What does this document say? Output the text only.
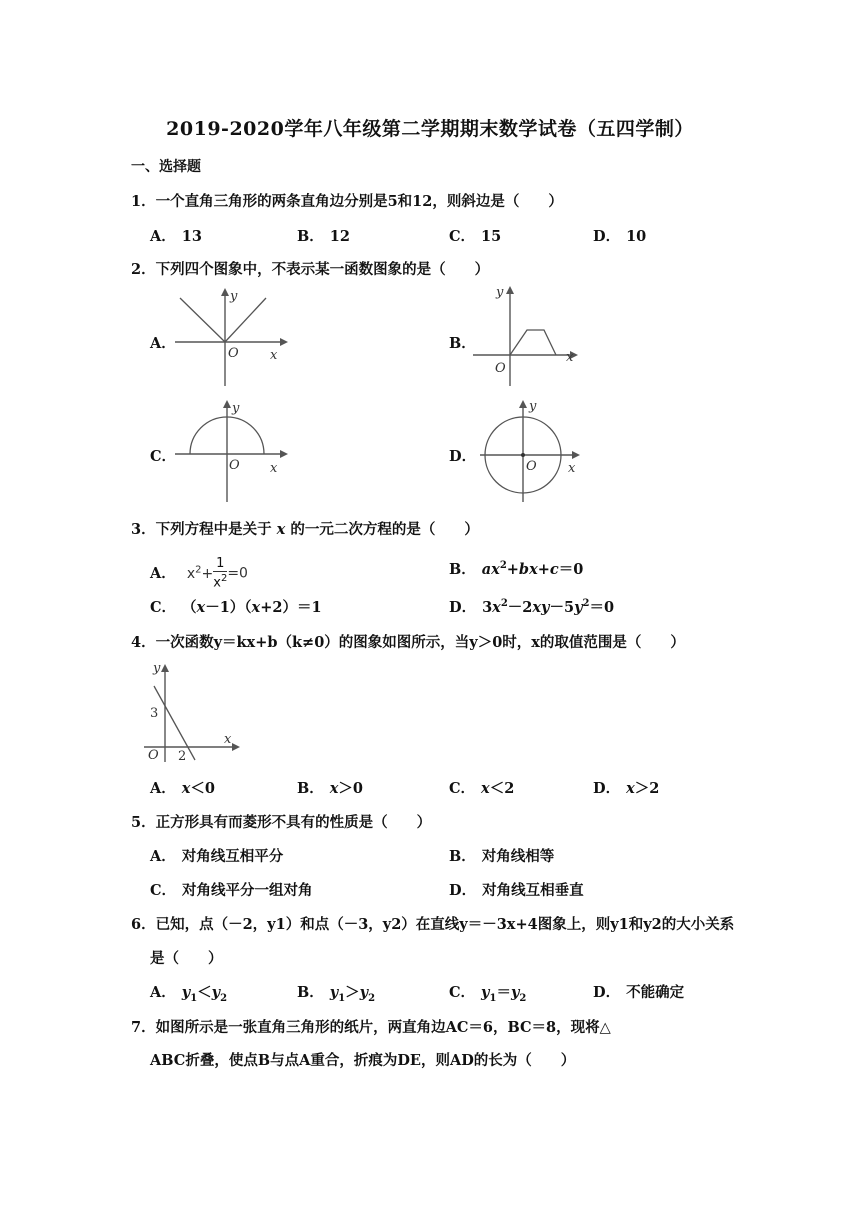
2019-2020学年八年级第二学期期末数学试卷（五四学制）
一、选择题
1．一个直角三角形的两条直角边分别是5和12，则斜边是（　　）
A． 13	B． 12	C． 15	D． 10
2．下列四个图象中，不表示某一函数图象的是（　　）
A．
y
O x
B．
y
O
x
C．
y
O x
D．
y
O x
3．下列方程中是关于 x 的一元二次方程的是（　　）
A． $x^2+ \frac{1}{x^2} =0$	B． $ax^2+bx+c=0$
C． （x－1）（x+2）＝1	D． $3x^2-2xy-5y^2=0$
4．一次函数y＝kx+b（k≠0）的图象如图所示，当y＞0时，x的取值范围是（　　）
y
x
O
3
2
A． x＜0	B． x＞0	C． x＜2	D． x＞2
5．正方形具有而菱形不具有的性质是（　　）
A． 对角线互相平分	B． 对角线相等
C． 对角线平分一组对角	D． 对角线互相垂直
6．已知，点（－2，y1）和点（－3，y2）在直线y＝－3x+4图象上，则y1和y2的大小关系
是（　　）
A． $y_1<y_2$	B． $y_1>y_2$	C． $y_1=y_2$	D． 不能确定
7．如图所示是一张直角三角形的纸片，两直角边AC＝6，BC＝8，现将△
ABC折叠，使点B与点A重合，折痕为DE，则AD的长为（　　）
